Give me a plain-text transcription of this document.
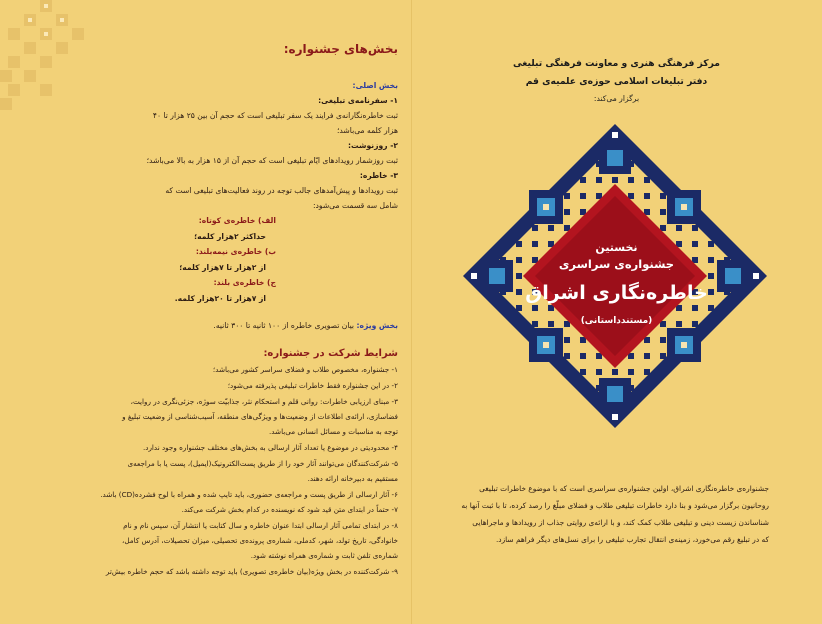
بخش‌های جشنواره:
بخش اصلی:
۱- سفرنامه‌ی تبلیغی:
ثبت خاطره‌نگارانه‌ی فرایند یک سفر تبلیغی است که حجم آن بین ۲۵ هزار تا ۴۰
هزار کلمه می‌باشد؛
۲- روزنوشت:
ثبت روزشمار رویدادهای ایّام تبلیغی است که حجم آن از ۱۵ هزار به بالا می‌باشد؛
۳- خاطره:
ثبت رویدادها و پیش‌آمدهای جالب توجه در روند فعالیت‌های تبلیغی است که
شامل سه قسمت می‌شود:
الف) خاطره‌ی کوتاه:
حداکثر ۲هزار کلمه؛
ب) خاطره‌ی نیمه‌بلند:
از ۲هزار تا ۷هزار کلمه؛
ج) خاطره‌ی بلند:
از ۷هزار تا ۲۰هزار کلمه.
بخش ویژه: بیان تصویری خاطره از ۱۰۰ ثانیه تا ۳۰۰ ثانیه.
شرایط شرکت در جشنواره:
۱- جشنواره، مخصوص طلاب و فضلای سراسر کشور می‌باشد؛
۲- در این جشنواره فقط خاطرات تبلیغی پذیرفته می‌شود؛
۳- مبنای ارزیابی خاطرات: روانی قلم و استحکام نثر، جذابیّت سوژه، جزئی‌نگری در روایت،
فضاسازی، ارائه‌ی اطلاعات از وضعیت‌ها و ویژگی‌های منطقه، آسیب‌شناسی از وضعیت تبلیغ و
توجه به مناسبات و مسائل انسانی می‌باشد.
۴- محدودیتی در موضوع یا تعداد آثار ارسالی به بخش‌های مختلف جشنواره وجود ندارد.
۵- شرکت‌کنندگان می‌توانند آثار خود را از طریق پست‌الکترونیک(ایمیل)، پست یا با مراجعه‌ی
مستقیم به دبیرخانه ارائه دهند.
۶- آثار ارسالی از طریق پست و مراجعه‌ی حضوری، باید تایپ شده و همراه با لوح فشرده(CD) باشد.
۷- حتماً در ابتدای متن قید شود که نویسنده در کدام بخش شرکت می‌کند.
۸- در ابتدای تمامی آثار ارسالی ابتدا عنوان خاطره و سال کتابت یا انتشار آن، سپس نام و نام
خانوادگی، تاریخ تولد، شهر، کدملی، شماره‌ی پرونده‌ی تحصیلی، میزان تحصیلات، آدرس کامل،
شماره‌ی تلفن ثابت و شماره‌ی همراه نوشته شود.
۹- شرکت‌کننده در بخش ویژه(بیان خاطره‌ی تصویری) باید توجه داشته باشد که حجم خاطره بیش‌تر
مرکز فرهنگی هنری و معاونت فرهنگی تبلیغی
دفتر تبلیغات اسلامی حوزه‌ی علمیه‌ی قم
برگزار می‌کند:
نخستین
جشنواره‌ی سراسری
خاطره‌نگاری اشراق
(مستندداستانی)
جشنواره‌ی خاطره‌نگاری اشراق، اولین جشنواره‌ی سراسری است که با موضوع خاطرات تبلیغی
روحانیون برگزار می‌شود و بنا دارد خاطرات تبلیغی طلاب و فضلای مبلّغ را رصد کرده، تا با ثبت آنها به
شناساندن زیست دینی و تبلیغی طلاب کمک کند، و با ارائه‌ی روایتی جذاب از رویدادها و ماجراهایی
که در تبلیغ رقم می‌خورد، زمینه‌ی انتقال تجارب تبلیغی را برای نسل‌های دیگر فراهم سازد.
